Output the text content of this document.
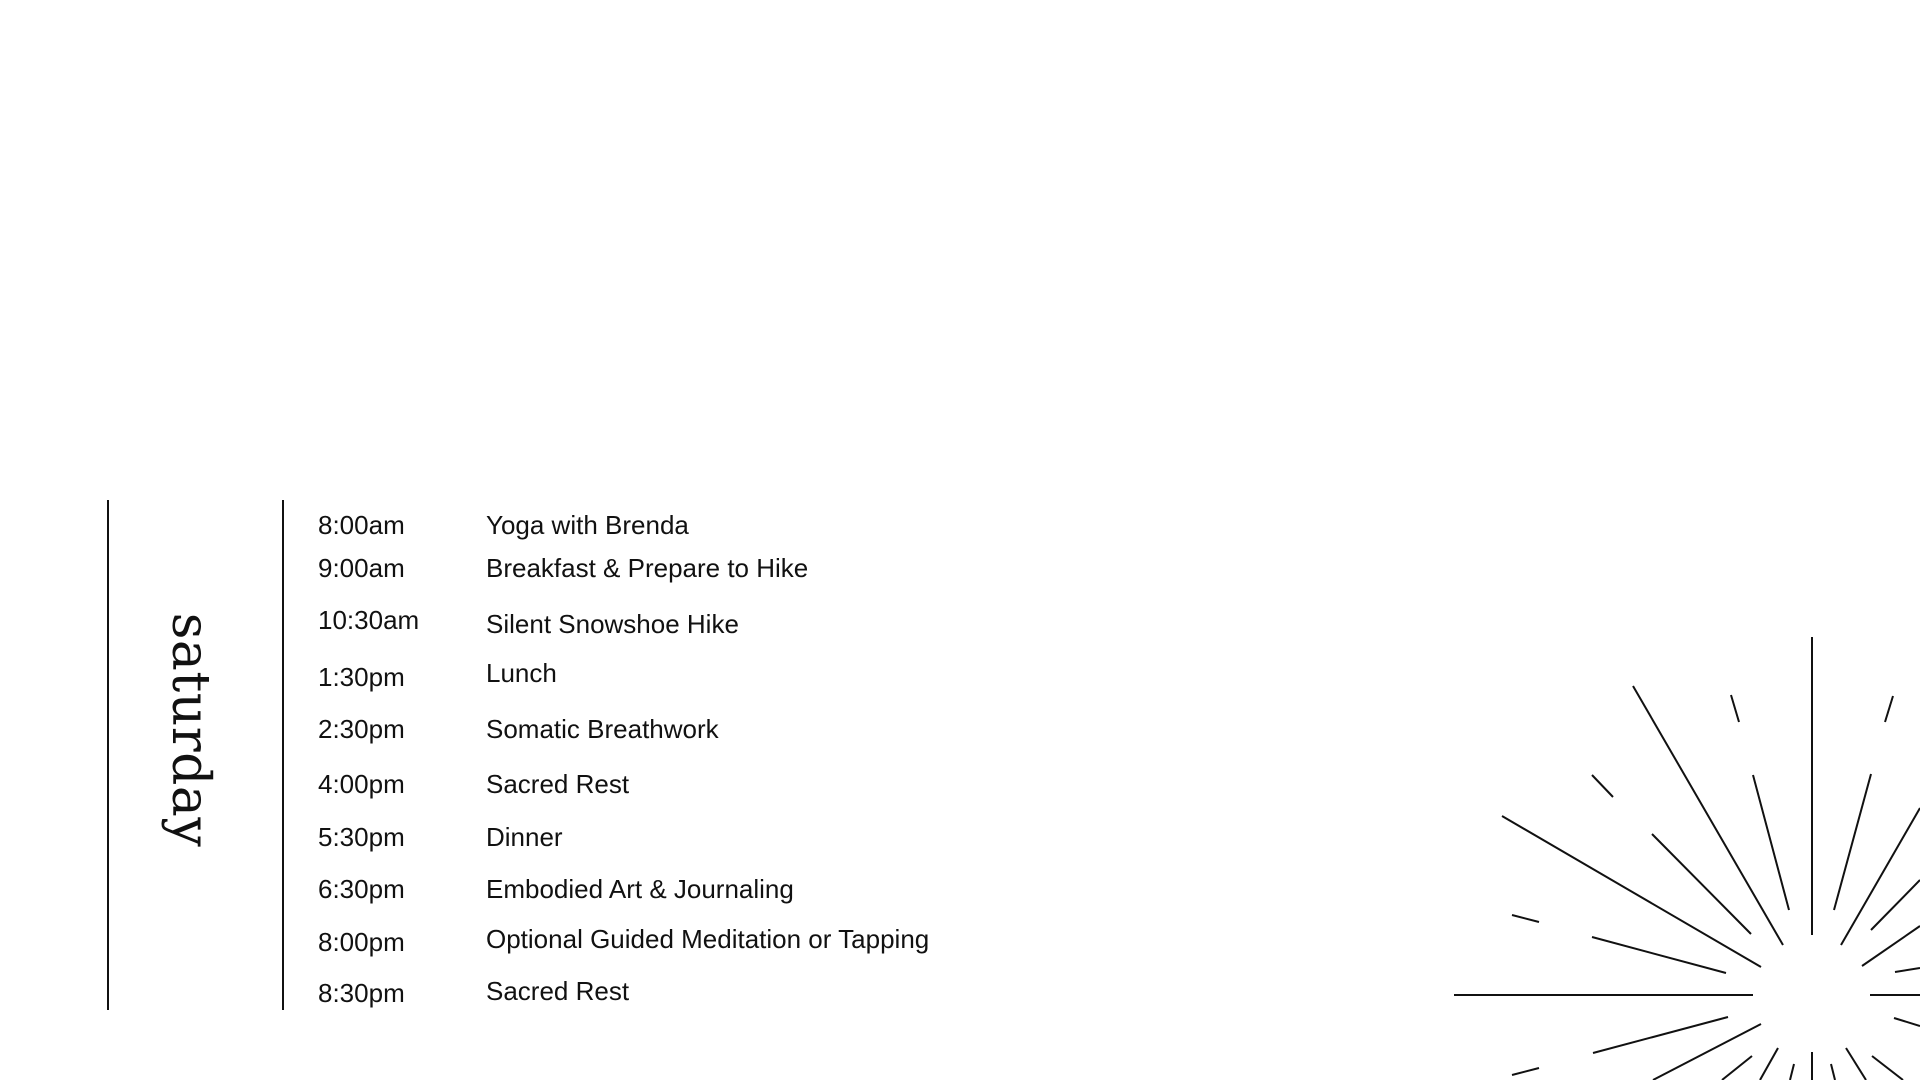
saturday
8:00am	Yoga with Brenda
9:00am	Breakfast & Prepare to Hike
10:30am	Silent Snowshoe Hike
1:30pm	Lunch
2:30pm	Somatic Breathwork
4:00pm	Sacred Rest
5:30pm	Dinner
6:30pm	Embodied Art & Journaling
8:00pm	Optional Guided Meditation or Tapping
8:30pm	Sacred Rest
